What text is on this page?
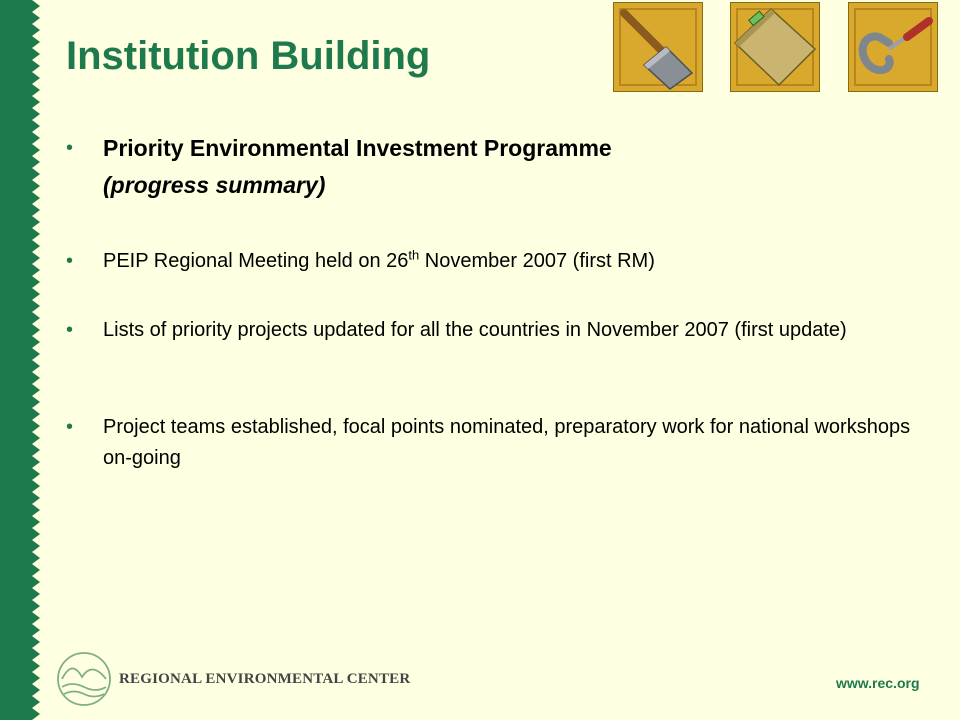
Institution Building
• Priority Environmental Investment Programme
(progress summary)
• PEIP Regional Meeting held on 26th November 2007 (first RM)
• Lists of priority projects updated for all the countries in November 2007 (first update)
• Project teams established, focal points nominated, preparatory work for national workshops on-going
REGIONAL ENVIRONMENTAL CENTER	www.rec.org
